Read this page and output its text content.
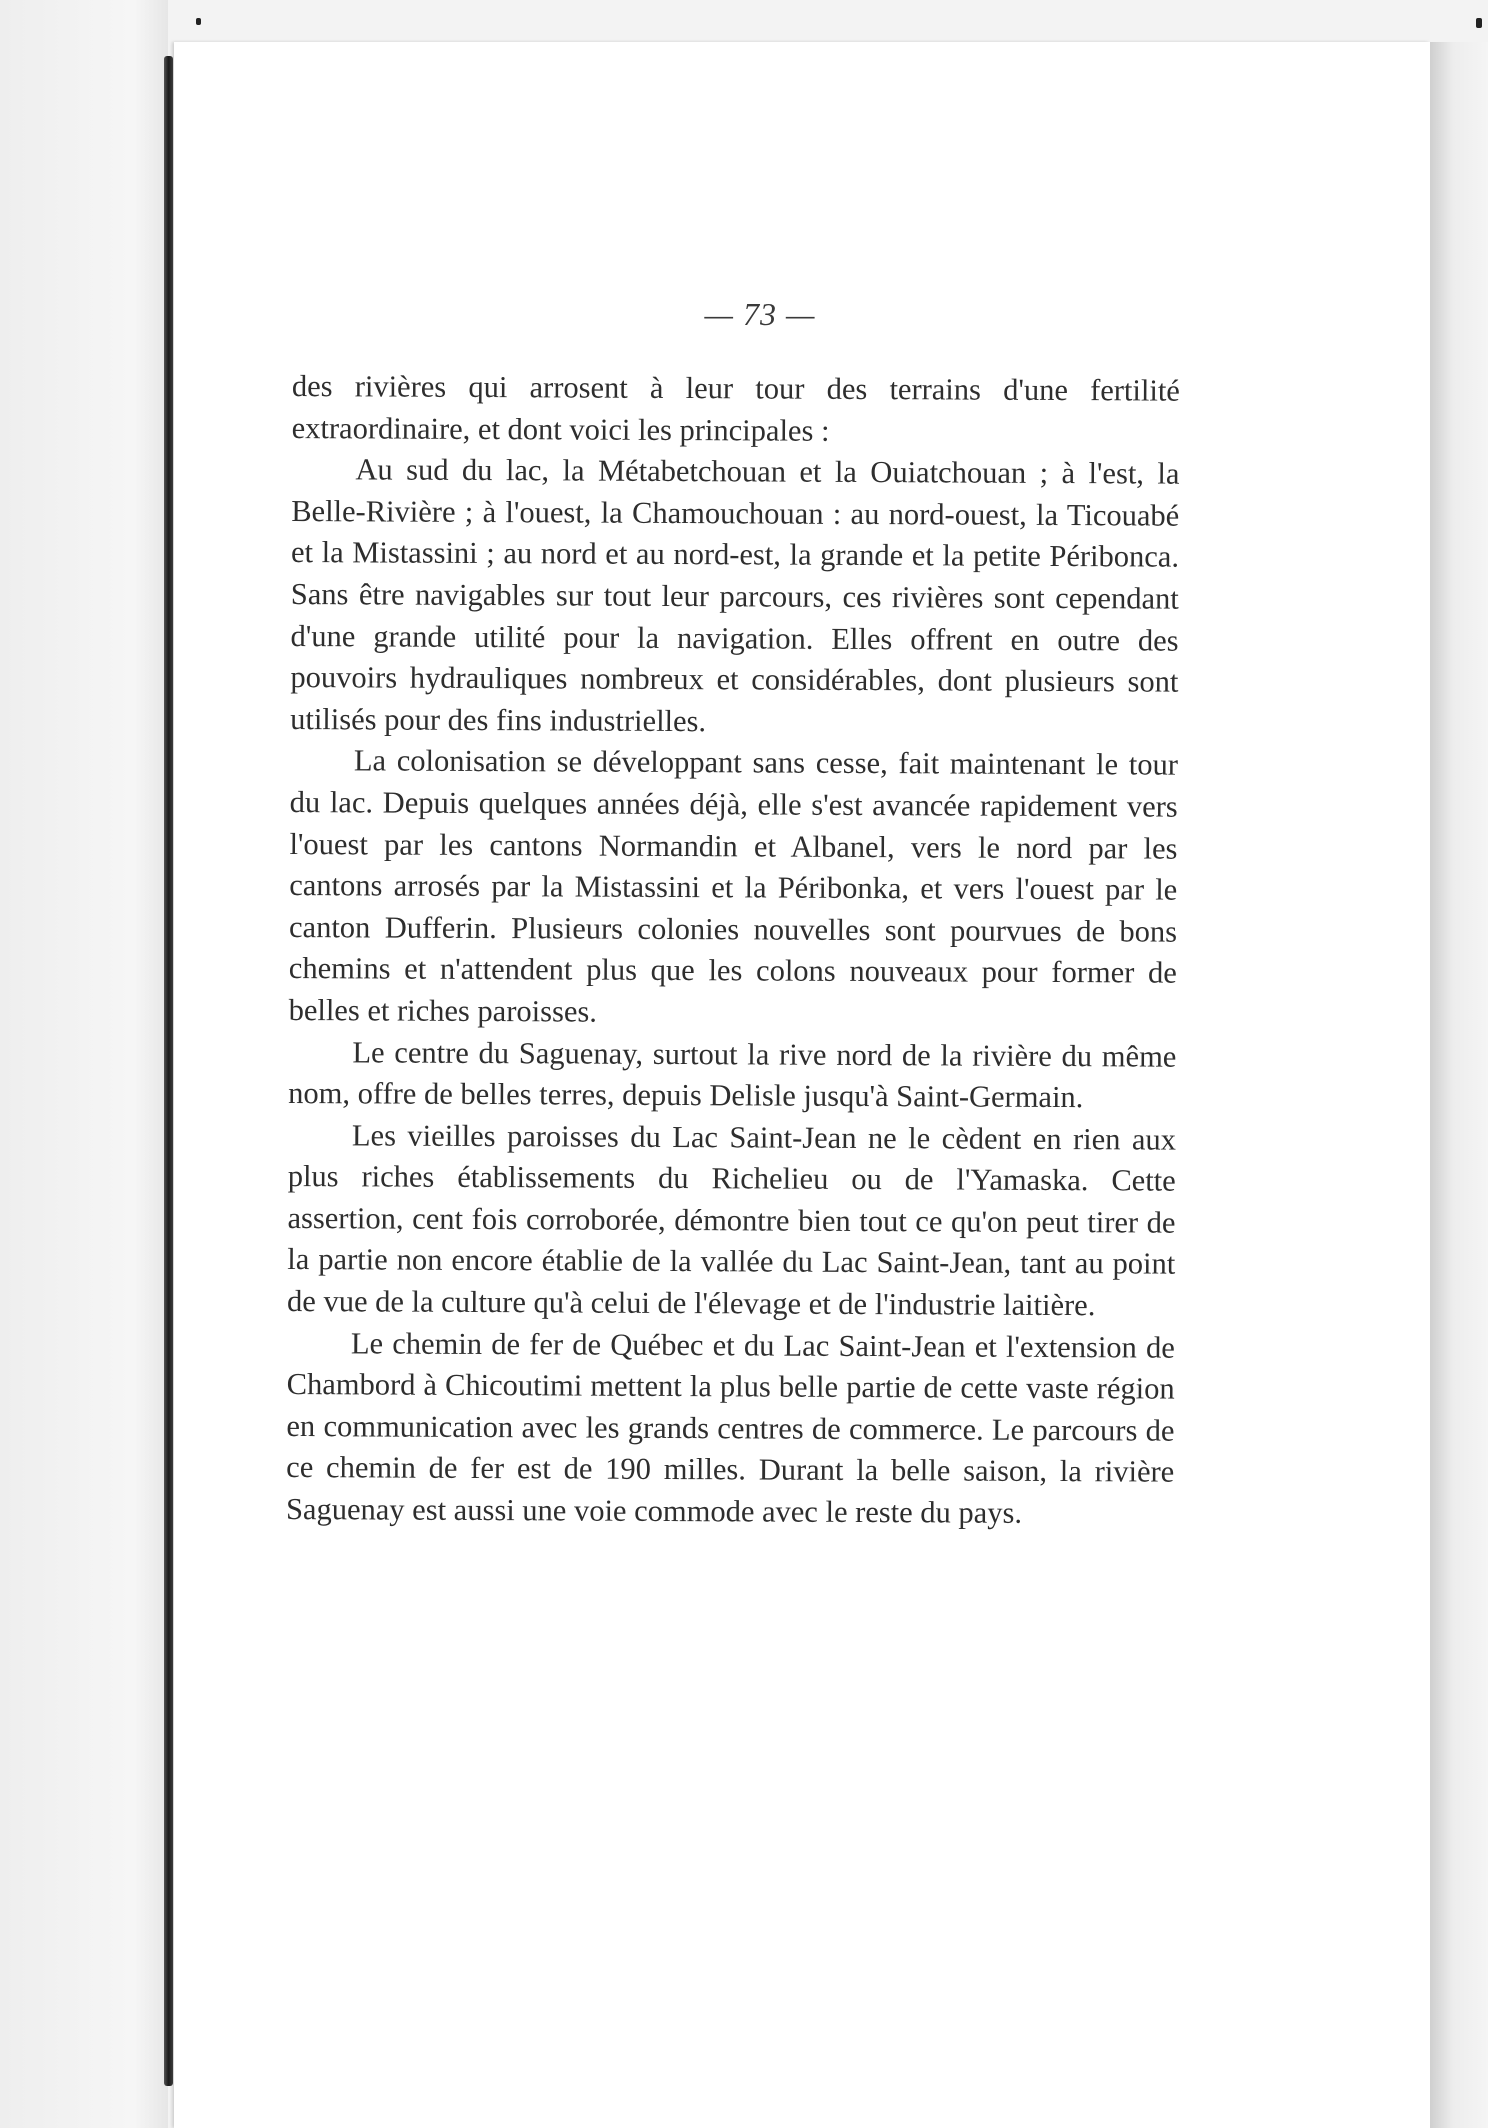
— 73 —

des rivières qui arrosent à leur tour des terrains d'une fertilité extraordinaire, et dont voici les principales :

Au sud du lac, la Métabetchouan et la Ouiatchouan ; à l'est, la Belle-Rivière ; à l'ouest, la Chamouchouan : au nord-ouest, la Ticouabé et la Mistassini ; au nord et au nord-est, la grande et la petite Péribonca. Sans être navigables sur tout leur parcours, ces rivières sont cependant d'une grande utilité pour la navigation. Elles offrent en outre des pouvoirs hydrauliques nombreux et considérables, dont plusieurs sont utilisés pour des fins industrielles.

La colonisation se développant sans cesse, fait maintenant le tour du lac. Depuis quelques années déjà, elle s'est avancée rapidement vers l'ouest par les cantons Normandin et Albanel, vers le nord par les cantons arrosés par la Mistassini et la Péribonka, et vers l'ouest par le canton Dufferin. Plusieurs colonies nouvelles sont pourvues de bons chemins et n'attendent plus que les colons nouveaux pour former de belles et riches paroisses.

Le centre du Saguenay, surtout la rive nord de la rivière du même nom, offre de belles terres, depuis Delisle jusqu'à Saint-Germain.

Les vieilles paroisses du Lac Saint-Jean ne le cèdent en rien aux plus riches établissements du Richelieu ou de l'Yamaska. Cette assertion, cent fois corroborée, démontre bien tout ce qu'on peut tirer de la partie non encore établie de la vallée du Lac Saint-Jean, tant au point de vue de la culture qu'à celui de l'élevage et de l'industrie laitière.

Le chemin de fer de Québec et du Lac Saint-Jean et l'extension de Chambord à Chicoutimi mettent la plus belle partie de cette vaste région en communication avec les grands centres de commerce. Le parcours de ce chemin de fer est de 190 milles. Durant la belle saison, la rivière Saguenay est aussi une voie commode avec le reste du pays.
